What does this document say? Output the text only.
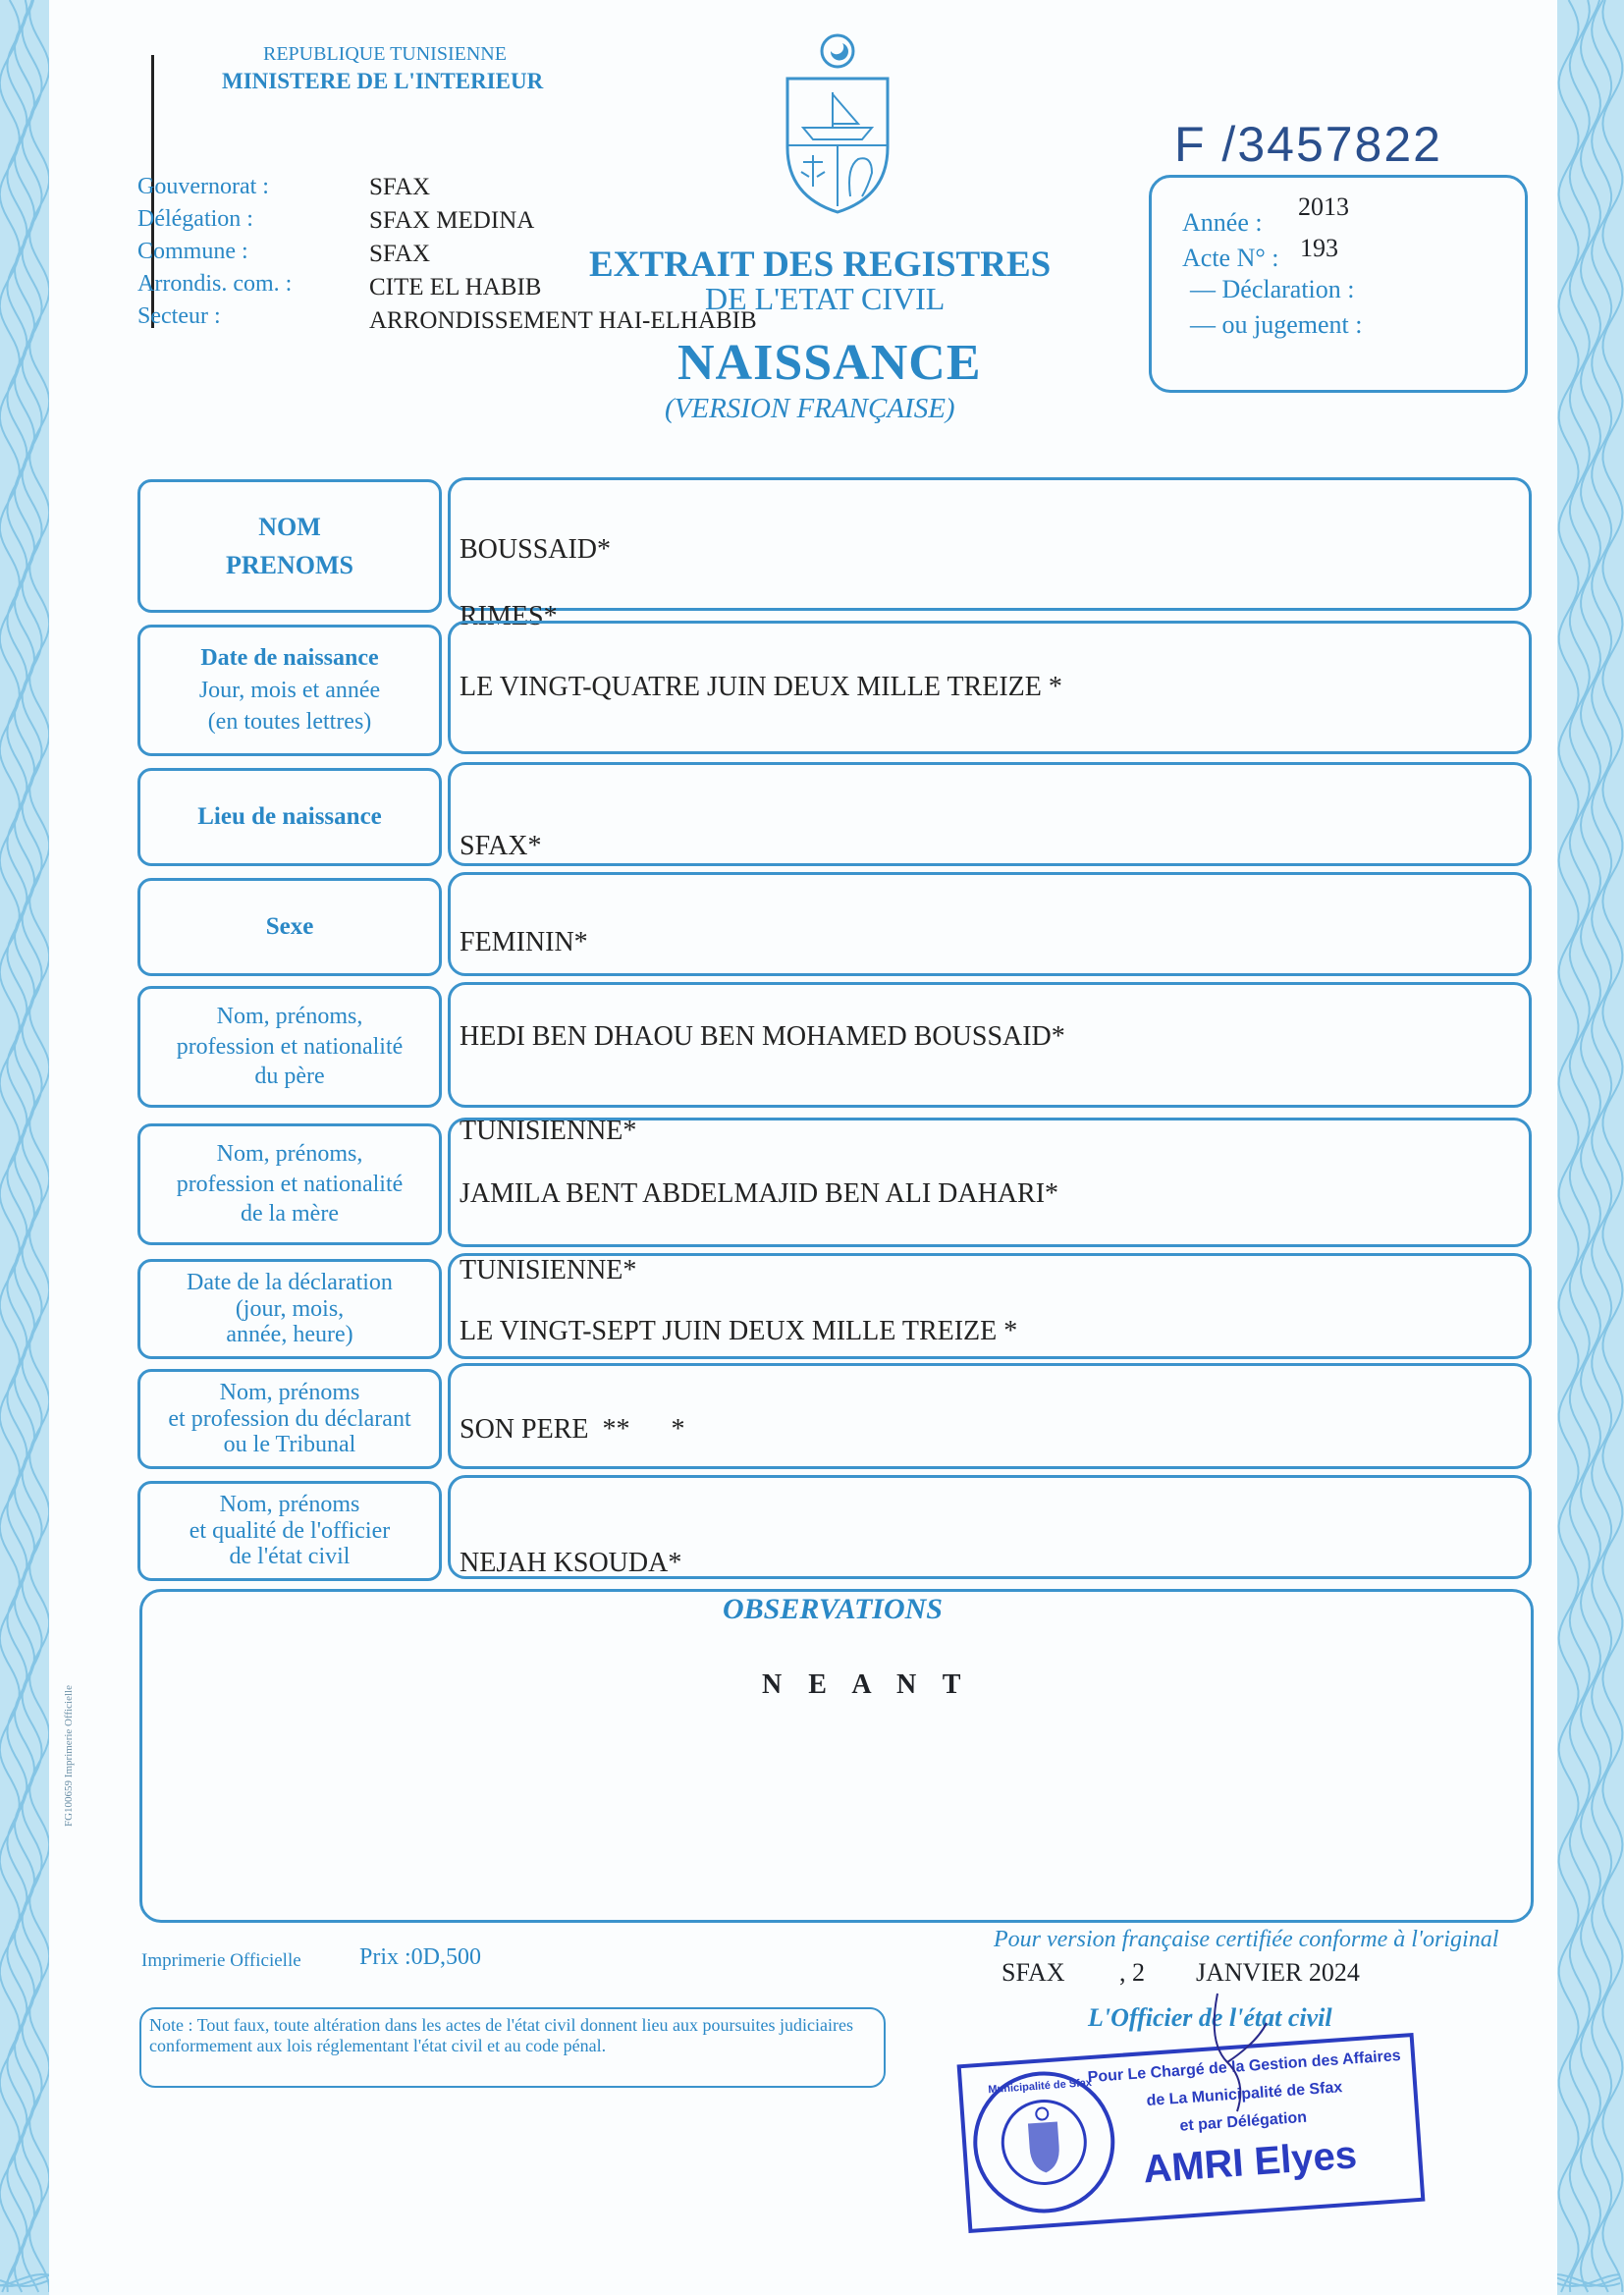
REPUBLIQUE TUNISIENNE
MINISTERE DE L'INTERIEUR
F /3457822
Gouvernorat :
Délégation :
Commune :
Arrondis. com. :
Secteur :
SFAX
SFAX MEDINA
SFAX
CITE EL HABIB
ARRONDISSEMENT HAI-ELHABIB
EXTRAIT DES REGISTRES
DE L'ETAT CIVIL
NAISSANCE
(VERSION FRANÇAISE)
Année :
2013
Acte N° : 193
— Déclaration :
— ou jugement :
NOM
PRENOMS
BOUSSAID*
RIMES*
Date de naissance
Jour, mois et année
(en toutes lettres)
LE VINGT-QUATRE JUIN DEUX MILLE TREIZE *
Lieu de naissance
SFAX*
Sexe
FEMININ*
Nom, prénoms,
profession et nationalité
du père
HEDI BEN DHAOU BEN MOHAMED BOUSSAID*
TUNISIENNE*
Nom, prénoms,
profession et nationalité
de la mère
JAMILA BENT ABDELMAJID BEN ALI DAHARI*
TUNISIENNE*
Date de la déclaration
(jour, mois,
année, heure)	LE VINGT-SEPT JUIN DEUX MILLE TREIZE *
Nom, prénoms
et profession du déclarant
ou le Tribunal
SON PERE  **      *
Nom, prénoms
et qualité de l'officier
de l'état civil	NEJAH KSOUDA*
OBSERVATIONS
N E A N T
FG100659 Imprimerie Officielle
Imprimerie Officielle Prix :0D,500
Note : Tout faux, toute altération dans les actes de l'état civil donnent lieu aux poursuites judiciaires conformement aux lois réglementant l'état civil et au code pénal.
Pour version française certifiée conforme à l'original
SFAX , 2 JANVIER 2024
L'Officier de l'état civil
Municipalité de Sfax
Pour Le Chargé de la Gestion des Affaires
de La Municipalité de Sfax
et par Délégation
AMRI Elyes
